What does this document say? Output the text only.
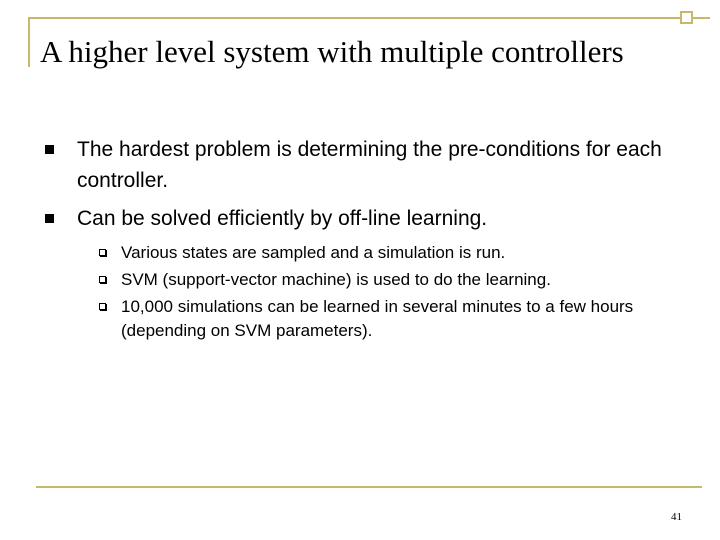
A higher level system with multiple controllers
The hardest problem is determining the pre-conditions for each controller.
Can be solved efficiently by off-line learning.
Various states are sampled and a simulation is run.
SVM (support-vector machine) is used to do the learning.
10,000 simulations can be learned in several minutes to a few hours (depending on SVM parameters).
41
